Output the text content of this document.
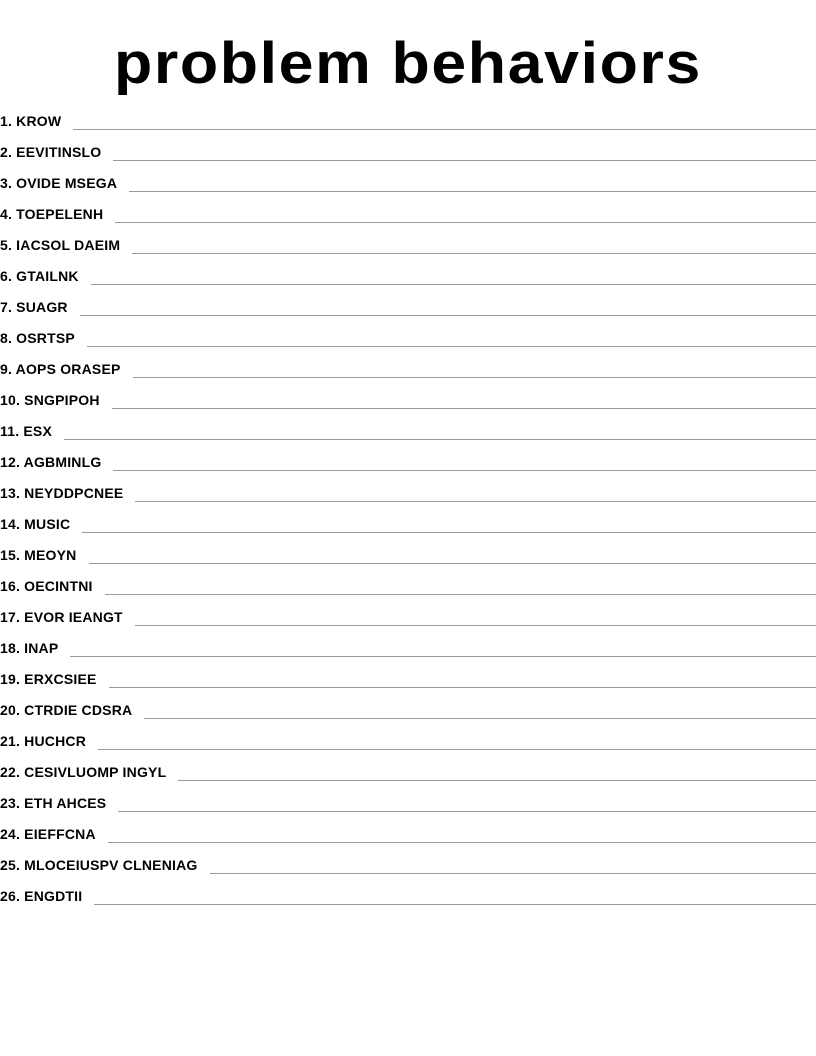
problem behaviors
1. KROW
2. EEVITINSLO
3. OVIDE MSEGA
4. TOEPELENH
5. IACSOL DAEIM
6. GTAILNK
7. SUAGR
8. OSRTSP
9. AOPS ORASEP
10. SNGPIPOH
11. ESX
12. AGBMINLG
13. NEYDDPCNEE
14. MUSIC
15. MEOYN
16. OECINTNI
17. EVOR IEANGT
18. INAP
19. ERXCSIEE
20. CTRDIE CDSRA
21. HUCHCR
22. CESIVLUOMP INGYL
23. ETH AHCES
24. EIEFFCNA
25. MLOCEIUSPV CLNENIAG
26. ENGDTII
